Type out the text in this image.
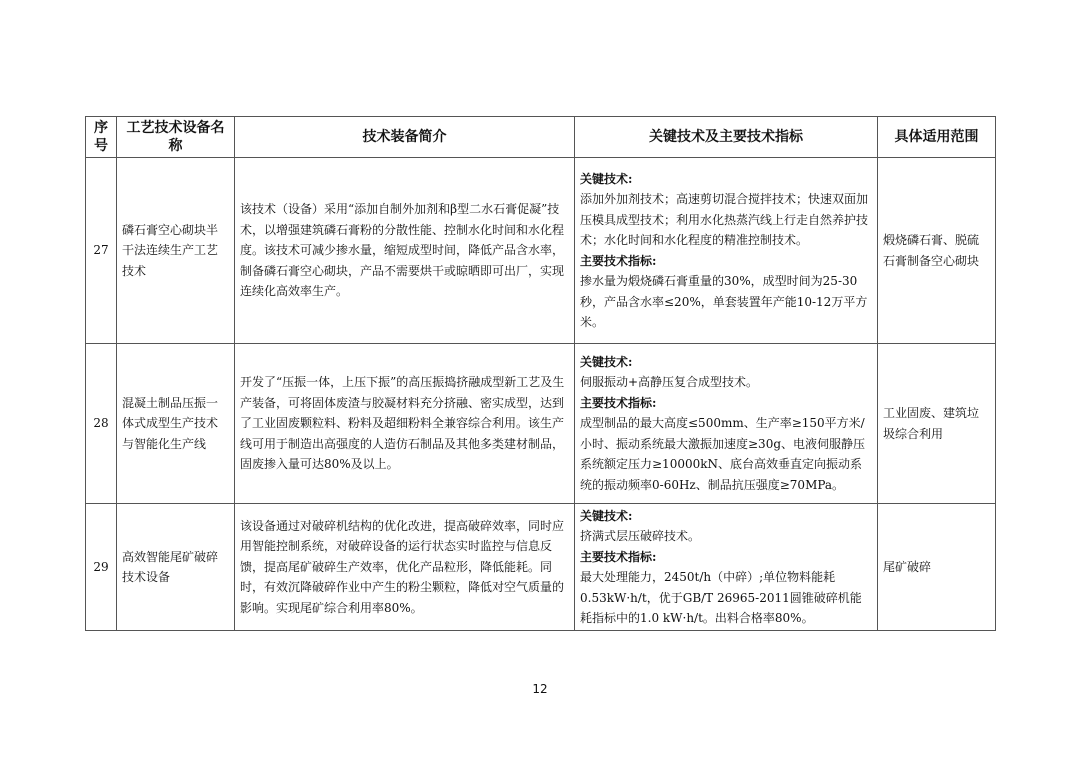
序号	工艺技术设备名称	技术装备简介	关键技术及主要技术指标	具体适用范围
27	磷石膏空心砌块半干法连续生产工艺技术	该技术（设备）采用“添加自制外加剂和β型二水石膏促凝”技术，以增强建筑磷石膏粉的分散性能、控制水化时间和水化程度。该技术可减少掺水量，缩短成型时间，降低产品含水率，制备磷石膏空心砌块，产品不需要烘干或晾晒即可出厂，实现连续化高效率生产。	关键技术:
添加外加剂技术；高速剪切混合搅拌技术；快速双面加压模具成型技术；利用水化热蒸汽线上行走自然养护技术；水化时间和水化程度的精准控制技术。
主要技术指标:
掺水量为煅烧磷石膏重量的30%，成型时间为25-30秒，产品含水率≤20%，单套装置年产能10-12万平方米。	煅烧磷石膏、脱硫石膏制备空心砌块
28	混凝土制品压振一体式成型生产技术与智能化生产线	开发了“压振一体，上压下振”的高压振捣挤融成型新工艺及生产装备，可将固体废渣与胶凝材料充分挤融、密实成型，达到了工业固废颗粒料、粉料及超细粉料全兼容综合利用。该生产线可用于制造出高强度的人造仿石制品及其他多类建材制品，固废掺入量可达80%及以上。	关键技术:
伺服振动+高静压复合成型技术。
主要技术指标:
成型制品的最大高度≤500mm、生产率≥150平方米/小时、振动系统最大激振加速度≥30g、电液伺服静压系统额定压力≥10000kN、底台高效垂直定向振动系统的振动频率0-60Hz、制品抗压强度≥70MPa。	工业固废、建筑垃圾综合利用
29	高效智能尾矿破碎技术设备	该设备通过对破碎机结构的优化改进，提高破碎效率，同时应用智能控制系统，对破碎设备的运行状态实时监控与信息反馈，提高尾矿破碎生产效率，优化产品粒形，降低能耗。同时，有效沉降破碎作业中产生的粉尘颗粒，降低对空气质量的影响。实现尾矿综合利用率80%。	关键技术:
挤满式层压破碎技术。
主要技术指标:
最大处理能力，2450t/h（中碎）;单位物料能耗0.53kW·h/t，优于GB/T 26965-2011圆锥破碎机能耗指标中的1.0 kW·h/t。出料合格率80%。	尾矿破碎
12
